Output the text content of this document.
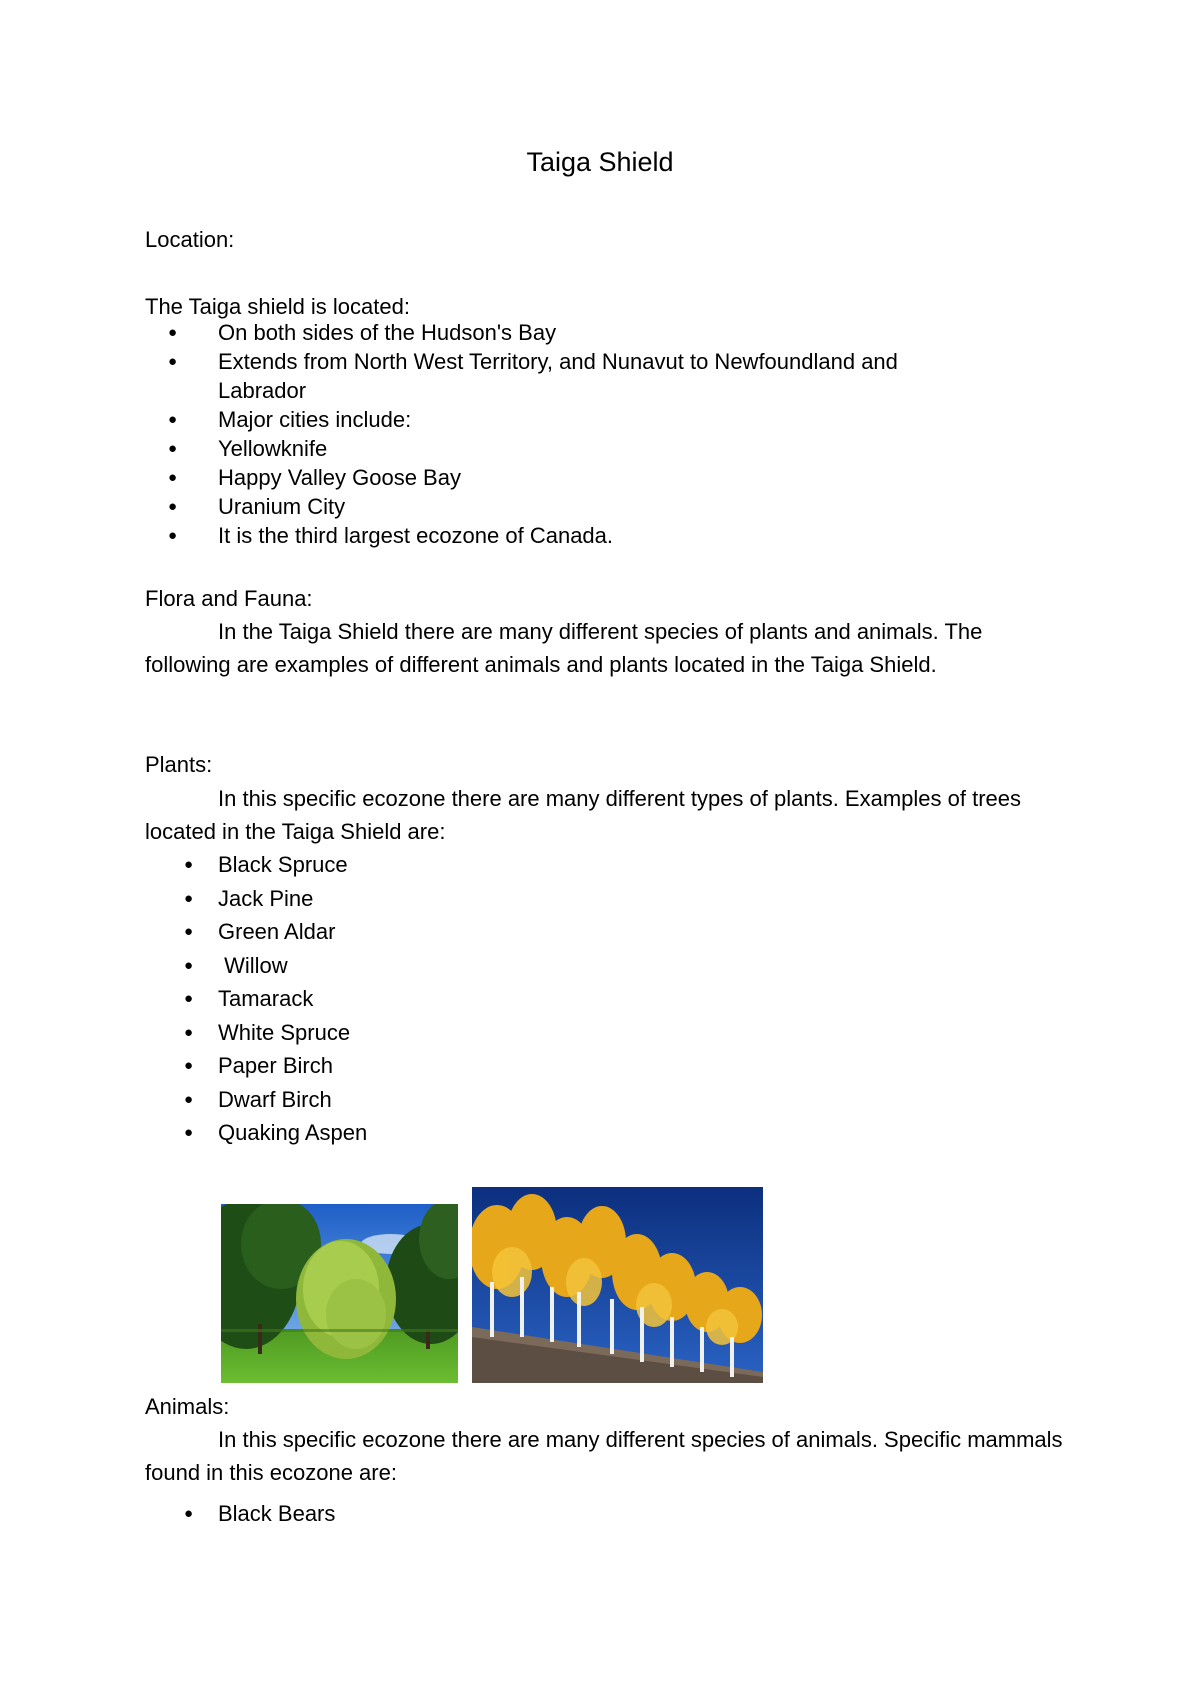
Taiga Shield
Location:
The Taiga shield is located:
● On both sides of the Hudson's Bay
● Extends from North West Territory, and Nunavut to Newfoundland and
Labrador
● Major cities include:
● Yellowknife
● Happy Valley Goose Bay
● Uranium City
● It is the third largest ecozone of Canada.
Flora and Fauna:
In the Taiga Shield there are many different species of plants and animals. The following are examples of different animals and plants located in the Taiga Shield.
Plants:
In this specific ecozone there are many different types of plants. Examples of trees located in the Taiga Shield are:
● Black Spruce
● Jack Pine
● Green Aldar
● Willow
● Tamarack
● White Spruce
● Paper Birch
● Dwarf Birch
● Quaking Aspen
Animals:
In this specific ecozone there are many different species of animals. Specific mammals found in this ecozone are:
● Black Bears
